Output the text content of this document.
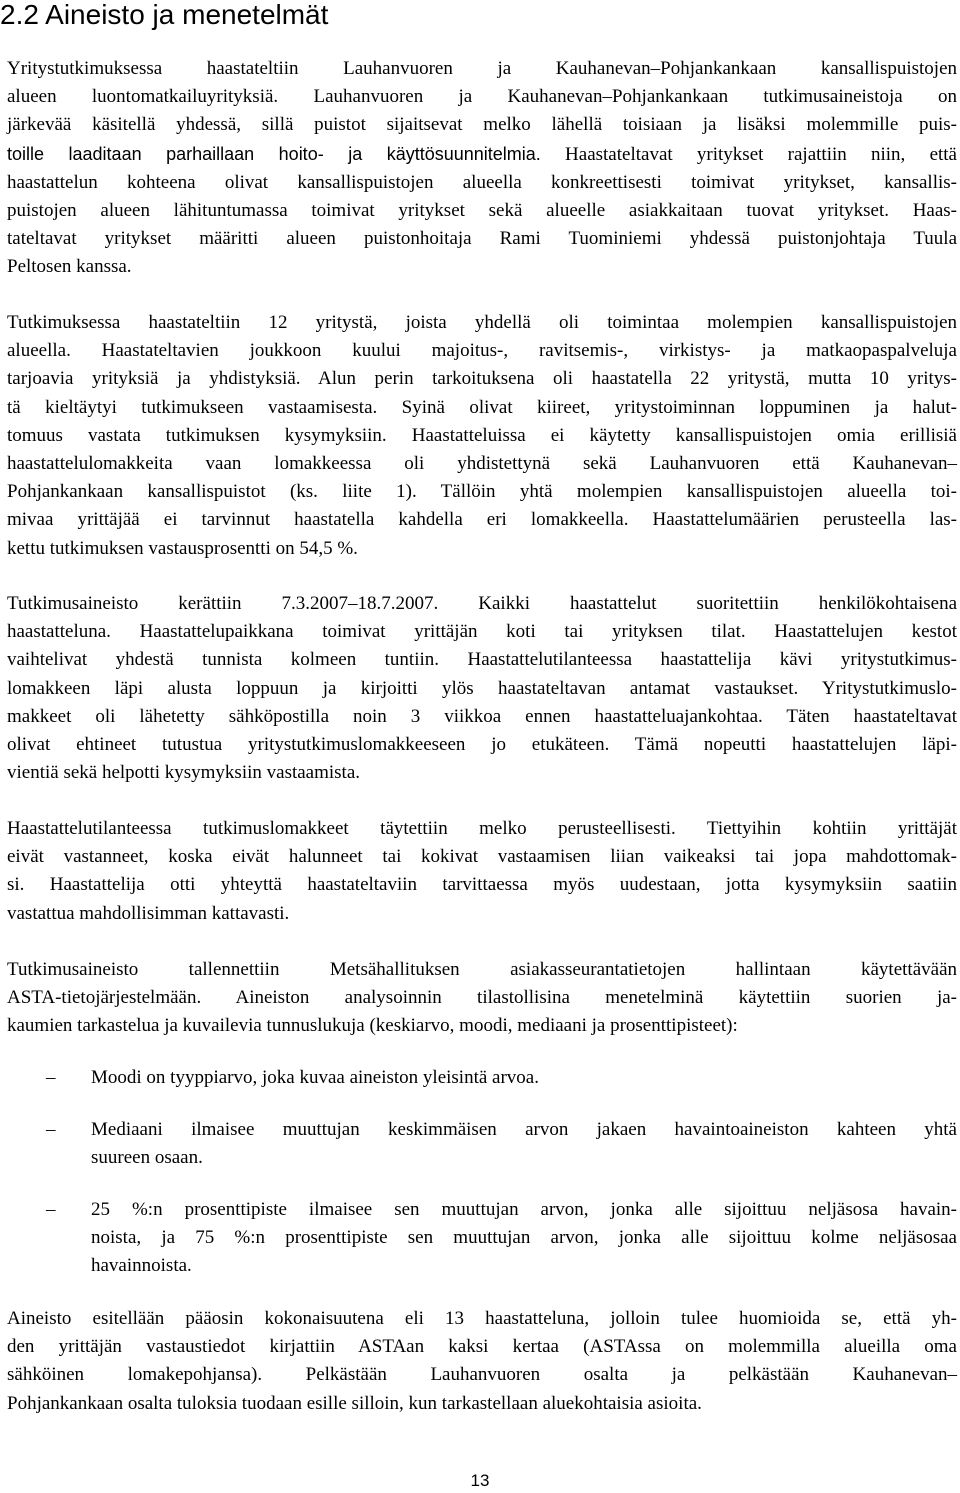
2.2 Aineisto ja menetelmät
Yritystutkimuksessa haastateltiin Lauhanvuoren ja Kauhanevan–Pohjankankaan kansallispuistojen
alueen luontomatkailuyrityksiä. Lauhanvuoren ja Kauhanevan–Pohjankankaan tutkimusaineistoja on
järkevää käsitellä yhdessä, sillä puistot sijaitsevat melko lähellä toisiaan ja lisäksi molemmille puis-
toille laaditaan parhaillaan hoito- ja käyttösuunnitelmia. Haastateltavat yritykset rajattiin niin, että
haastattelun kohteena olivat kansallispuistojen alueella konkreettisesti toimivat yritykset, kansallis-
puistojen alueen lähituntumassa toimivat yritykset sekä alueelle asiakkaitaan tuovat yritykset. Haas-
tateltavat yritykset määritti alueen puistonhoitaja Rami Tuominiemi yhdessä puistonjohtaja Tuula
Peltosen kanssa.
Tutkimuksessa haastateltiin 12 yritystä, joista yhdellä oli toimintaa molempien kansallispuistojen
alueella. Haastateltavien joukkoon kuului majoitus-, ravitsemis-, virkistys- ja matkaopaspalveluja
tarjoavia yrityksiä ja yhdistyksiä. Alun perin tarkoituksena oli haastatella 22 yritystä, mutta 10 yritys-
tä kieltäytyi tutkimukseen vastaamisesta. Syinä olivat kiireet, yritystoiminnan loppuminen ja halut-
tomuus vastata tutkimuksen kysymyksiin. Haastatteluissa ei käytetty kansallispuistojen omia erillisiä
haastattelulomakkeita vaan lomakkeessa oli yhdistettynä sekä Lauhanvuoren että Kauhanevan–
Pohjankankaan kansallispuistot (ks. liite 1). Tällöin yhtä molempien kansallispuistojen alueella toi-
mivaa yrittäjää ei tarvinnut haastatella kahdella eri lomakkeella. Haastattelumäärien perusteella las-
kettu tutkimuksen vastausprosentti on 54,5 %.
Tutkimusaineisto kerättiin 7.3.2007–18.7.2007. Kaikki haastattelut suoritettiin henkilökohtaisena
haastatteluna. Haastattelupaikkana toimivat yrittäjän koti tai yrityksen tilat. Haastattelujen kestot
vaihtelivat yhdestä tunnista kolmeen tuntiin. Haastattelutilanteessa haastattelija kävi yritystutkimus-
lomakkeen läpi alusta loppuun ja kirjoitti ylös haastateltavan antamat vastaukset. Yritystutkimuslo-
makkeet oli lähetetty sähköpostilla noin 3 viikkoa ennen haastatteluajankohtaa. Täten haastateltavat
olivat ehtineet tutustua yritystutkimuslomakkeeseen jo etukäteen. Tämä nopeutti haastattelujen läpi-
vientiä sekä helpotti kysymyksiin vastaamista.
Haastattelutilanteessa tutkimuslomakkeet täytettiin melko perusteellisesti. Tiettyihin kohtiin yrittäjät
eivät vastanneet, koska eivät halunneet tai kokivat vastaamisen liian vaikeaksi tai jopa mahdottomak-
si. Haastattelija otti yhteyttä haastateltaviin tarvittaessa myös uudestaan, jotta kysymyksiin saatiin
vastattua mahdollisimman kattavasti.
Tutkimusaineisto tallennettiin Metsähallituksen asiakasseurantatietojen hallintaan käytettävään
ASTA-tietojärjestelmään. Aineiston analysoinnin tilastollisina menetelminä käytettiin suorien ja-
kaumien tarkastelua ja kuvailevia tunnuslukuja (keskiarvo, moodi, mediaani ja prosenttipisteet):
–	Moodi on tyyppiarvo, joka kuvaa aineiston yleisintä arvoa.
–	Mediaani ilmaisee muuttujan keskimmäisen arvon jakaen havaintoaineiston kahteen yhtä
suureen osaan.
–	25 %:n prosenttipiste ilmaisee sen muuttujan arvon, jonka alle sijoittuu neljäsosa havain-
noista, ja 75 %:n prosenttipiste sen muuttujan arvon, jonka alle sijoittuu kolme neljäsosaa
havainnoista.
Aineisto esitellään pääosin kokonaisuutena eli 13 haastatteluna, jolloin tulee huomioida se, että yh-
den yrittäjän vastaustiedot kirjattiin ASTAan kaksi kertaa (ASTAssa on molemmilla alueilla oma
sähköinen lomakepohjansa). Pelkästään Lauhanvuoren osalta ja pelkästään Kauhanevan–
Pohjankankaan osalta tuloksia tuodaan esille silloin, kun tarkastellaan aluekohtaisia asioita.
13
